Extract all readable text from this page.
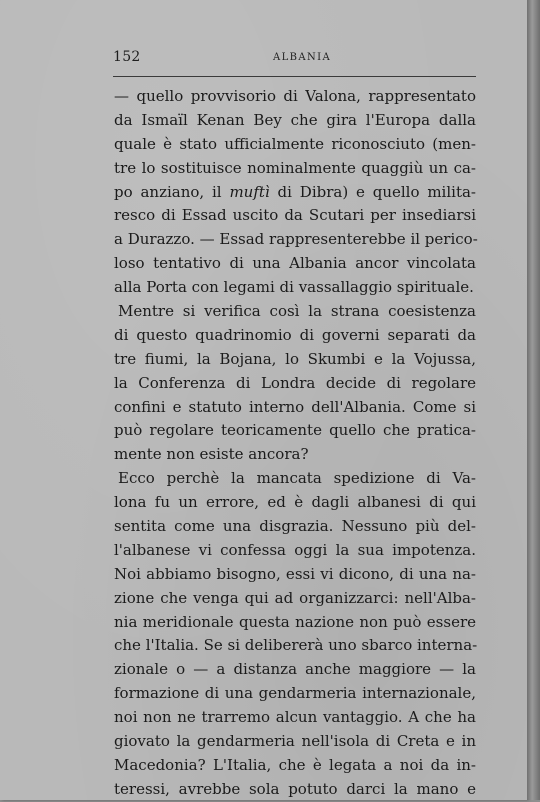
152	ALBANIA
— quello provvisorio di Valona, rappresentato
da Ismaïl Kenan Bey che gira l'Europa dalla
quale è stato ufficialmente riconosciuto (men-
tre lo sostituisce nominalmente quaggiù un ca-
po anziano, il muftì di Dibra) e quello milita-
resco di Essad uscito da Scutari per insediarsi
a Durazzo. — Essad rappresenterebbe il perico-
loso tentativo di una Albania ancor vincolata
alla Porta con legami di vassallaggio spirituale.
Mentre si verifica così la strana coesistenza
di questo quadrinomio di governi separati da
tre fiumi, la Bojana, lo Skumbi e la Vojussa,
la Conferenza di Londra decide di regolare
confini e statuto interno dell'Albania. Come si
può regolare teoricamente quello che pratica-
mente non esiste ancora?
Ecco perchè la mancata spedizione di Va-
lona fu un errore, ed è dagli albanesi di qui
sentita come una disgrazia. Nessuno più del-
l'albanese vi confessa oggi la sua impotenza.
Noi abbiamo bisogno, essi vi dicono, di una na-
zione che venga qui ad organizzarci: nell'Alba-
nia meridionale questa nazione non può essere
che l'Italia. Se si delibererà uno sbarco interna-
zionale o — a distanza anche maggiore — la
formazione di una gendarmeria internazionale,
noi non ne trarremo alcun vantaggio. A che ha
giovato la gendarmeria nell'isola di Creta e in
Macedonia? L'Italia, che è legata a noi da in-
teressi, avrebbe sola potuto darci la mano e
